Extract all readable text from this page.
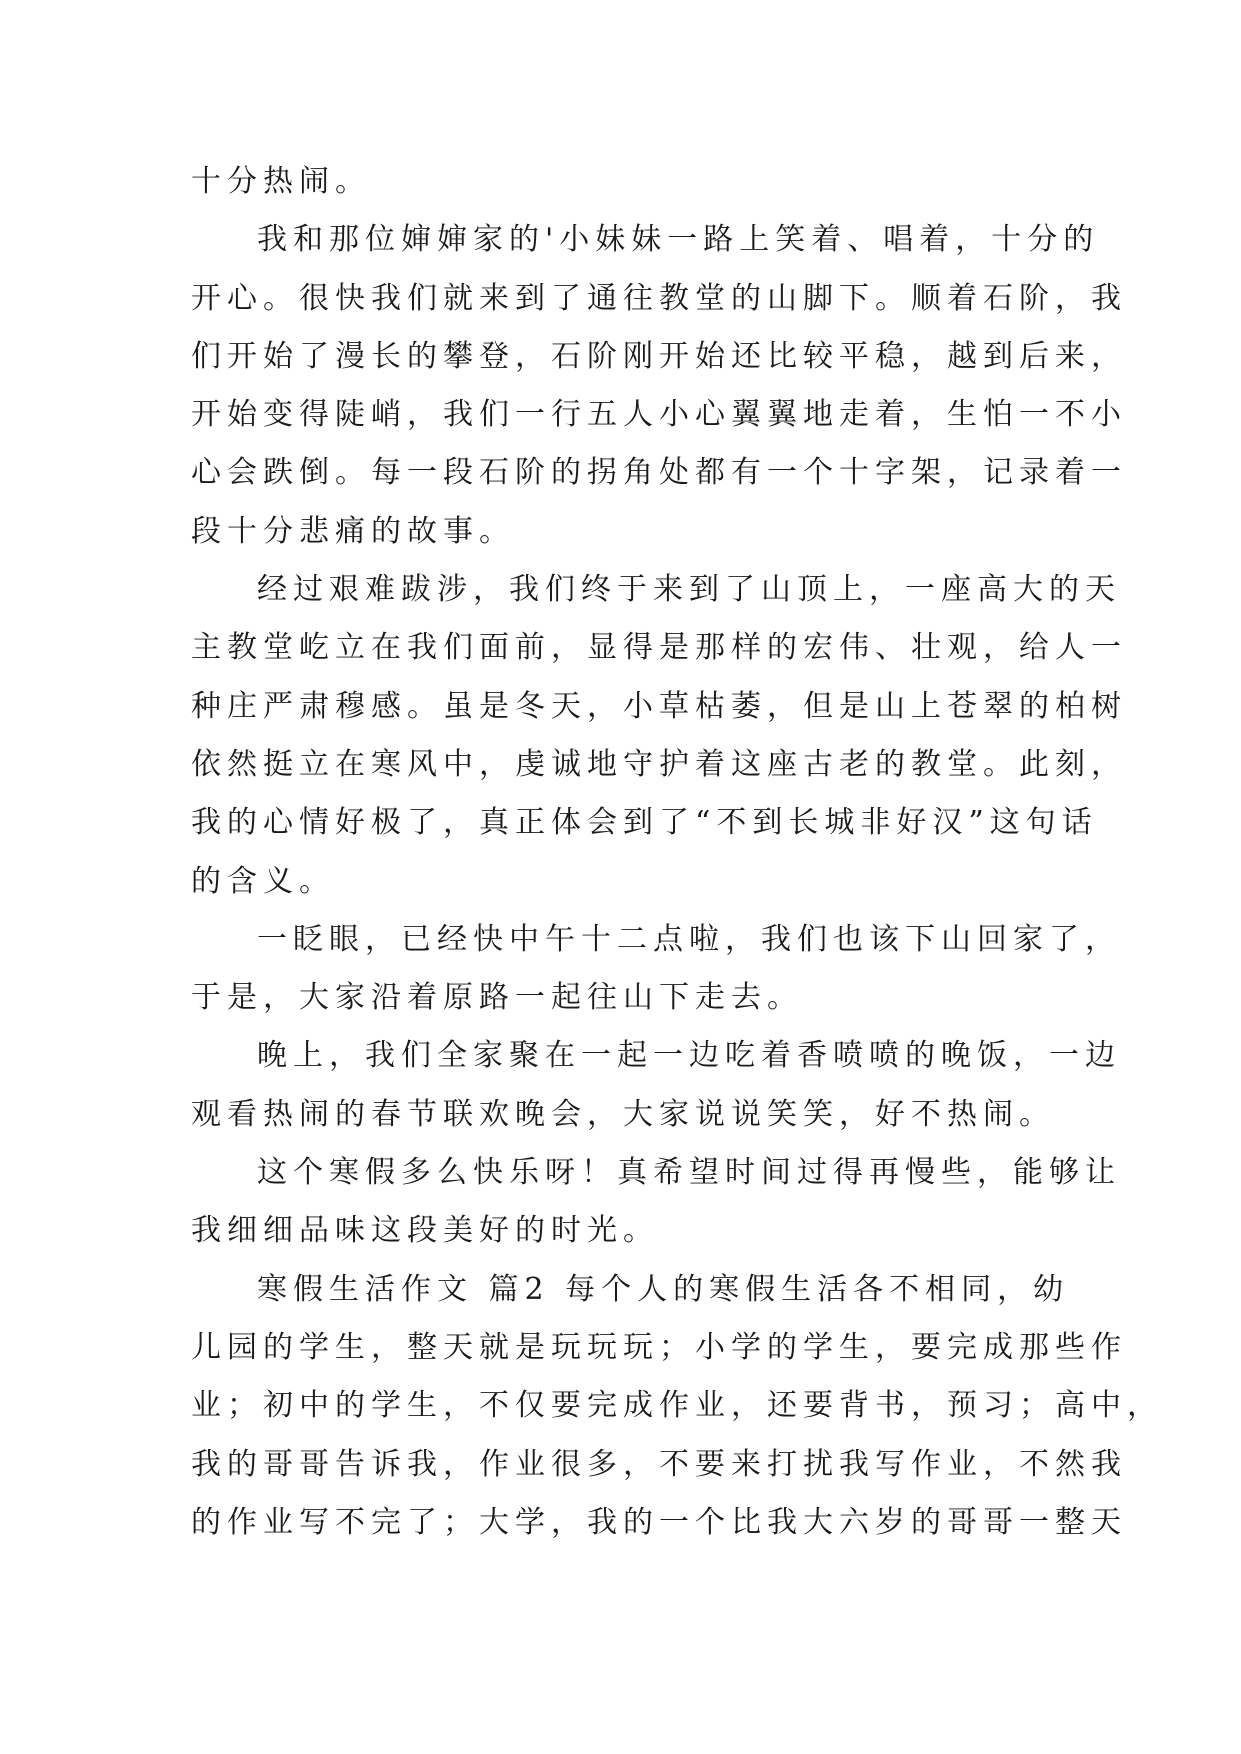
十分热闹。
我和那位婶婶家的'小妹妹一路上笑着、唱着，十分的
开心。很快我们就来到了通往教堂的山脚下。顺着石阶，我
们开始了漫长的攀登，石阶刚开始还比较平稳，越到后来，
开始变得陡峭，我们一行五人小心翼翼地走着，生怕一不小
心会跌倒。每一段石阶的拐角处都有一个十字架，记录着一
段十分悲痛的故事。
经过艰难跋涉，我们终于来到了山顶上，一座高大的天
主教堂屹立在我们面前，显得是那样的宏伟、壮观，给人一
种庄严肃穆感。虽是冬天，小草枯萎，但是山上苍翠的柏树
依然挺立在寒风中，虔诚地守护着这座古老的教堂。此刻，
我的心情好极了，真正体会到了“不到长城非好汉”这句话
的含义。
一眨眼，已经快中午十二点啦，我们也该下山回家了，
于是，大家沿着原路一起往山下走去。
晚上，我们全家聚在一起一边吃着香喷喷的晚饭，一边
观看热闹的春节联欢晚会，大家说说笑笑，好不热闹。
这个寒假多么快乐呀！真希望时间过得再慢些，能够让
我细细品味这段美好的时光。
寒假生活作文 篇2 每个人的寒假生活各不相同，幼
儿园的学生，整天就是玩玩玩；小学的学生，要完成那些作
业；初中的学生，不仅要完成作业，还要背书，预习；高中，
我的哥哥告诉我，作业很多，不要来打扰我写作业，不然我
的作业写不完了；大学，我的一个比我大六岁的哥哥一整天
